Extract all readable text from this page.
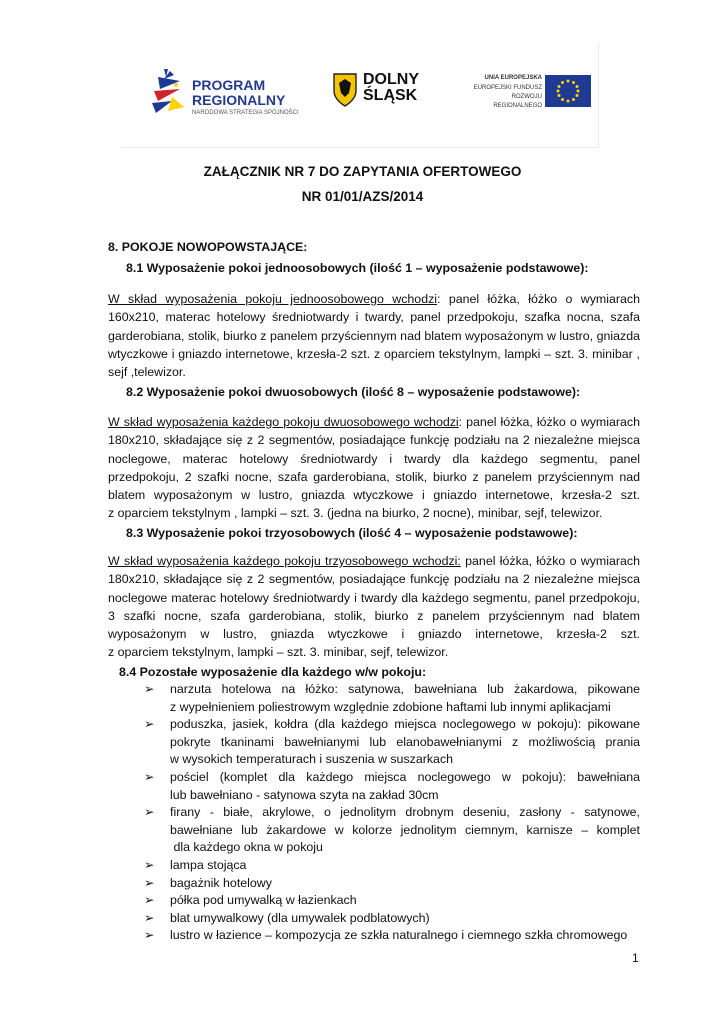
PROGRAM
REGIONALNY
NARODOWA STRATEGIA SPÓJNOŚCI
DOLNY
ŚLĄSK
UNIA EUROPEJSKA
EUROPEJSKI FUNDUSZ
ROZWOJU REGIONALNEGO
ZAŁĄCZNIK NR 7 DO ZAPYTANIA OFERTOWEGO
NR 01/01/AZS/2014
8. POKOJE NOWOPOWSTAJĄCE:
8.1 Wyposażenie pokoi jednoosobowych (ilość 1 – wyposażenie podstawowe):
W skład wyposażenia pokoju jednoosobowego wchodzi: panel łóżka, łóżko o wymiarach
160x210, materac hotelowy średniotwardy i twardy, panel przedpokoju, szafka nocna, szafa
garderobiana, stolik, biurko z panelem przyściennym nad blatem wyposażonym w lustro, gniazda
wtyczkowe i gniazdo internetowe, krzesła-2 szt. z oparciem tekstylnym, lampki – szt. 3. minibar ,
sejf ,telewizor.
8.2 Wyposażenie pokoi dwuosobowych (ilość 8 – wyposażenie podstawowe):
W skład wyposażenia każdego pokoju dwuosobowego wchodzi: panel łóżka, łóżko o wymiarach
180x210, składające się z 2 segmentów, posiadające funkcję podziału na 2 niezależne miejsca
noclegowe, materac hotelowy średniotwardy i twardy dla każdego segmentu, panel
przedpokoju, 2 szafki nocne, szafa garderobiana, stolik, biurko z panelem przyściennym nad
blatem wyposażonym w lustro, gniazda wtyczkowe i gniazdo internetowe, krzesła-2 szt.
z oparciem tekstylnym , lampki – szt. 3. (jedna na biurko, 2 nocne), minibar, sejf, telewizor.
8.3 Wyposażenie pokoi trzyosobowych (ilość 4 – wyposażenie podstawowe):
W skład wyposażenia każdego pokoju trzyosobowego wchodzi: panel łóżka, łóżko o wymiarach
180x210, składające się z 2 segmentów, posiadające funkcję podziału na 2 niezależne miejsca
noclegowe materac hotelowy średniotwardy i twardy dla każdego segmentu, panel przedpokoju,
3 szafki nocne, szafa garderobiana, stolik, biurko z panelem przyściennym nad blatem
wyposażonym w lustro, gniazda wtyczkowe i gniazdo internetowe, krzesła-2 szt.
z oparciem tekstylnym, lampki – szt. 3. minibar, sejf, telewizor.
8.4 Pozostałe wyposażenie dla każdego w/w pokoju:
➢ narzuta hotelowa na łóżko: satynowa, bawełniana lub żakardowa, pikowane
z wypełnieniem poliestrowym względnie zdobione haftami lub innymi aplikacjami
➢ poduszka, jasiek, kołdra (dla każdego miejsca noclegowego w pokoju): pikowane
pokryte tkaninami bawełnianymi lub elanobawełnianymi z możliwością prania
w wysokich temperaturach i suszenia w suszarkach
➢ pościel (komplet dla każdego miejsca noclegowego w pokoju): bawełniana
lub bawełniano - satynowa szyta na zakład 30cm
➢ firany - białe, akrylowe, o jednolitym drobnym deseniu, zasłony - satynowe,
bawełniane lub żakardowe w kolorze jednolitym ciemnym, karnisze – komplet
dla każdego okna w pokoju
➢ lampa stojąca
➢ bagażnik hotelowy
➢ półka pod umywalką w łazienkach
➢ blat umywalkowy (dla umywalek podblatowych)
➢ lustro w łazience – kompozycja ze szkła naturalnego i ciemnego szkła chromowego
1
